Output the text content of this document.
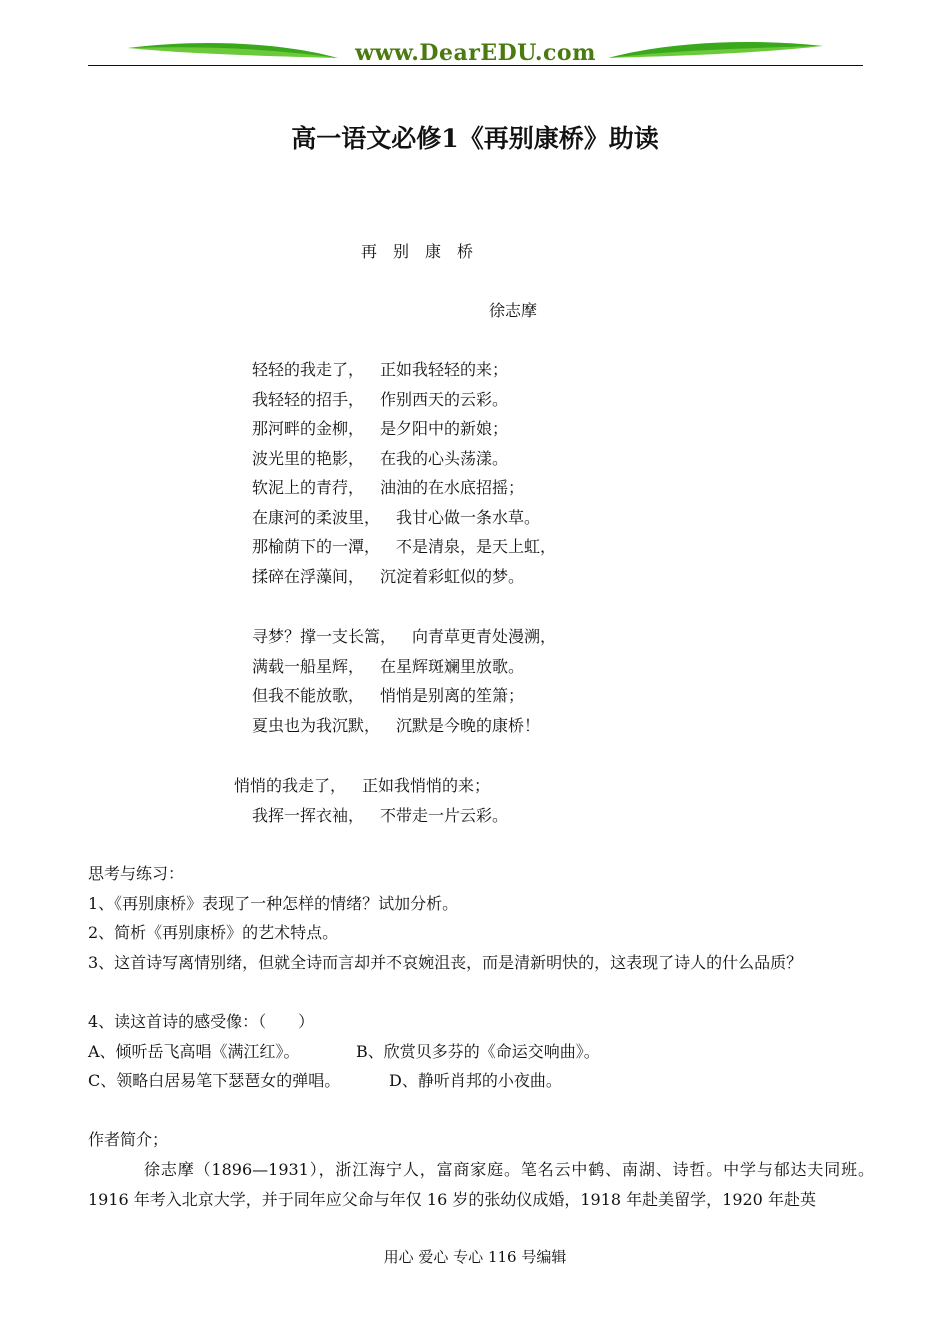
www.DearEDU.com
高一语文必修1《再别康桥》助读
再　别　康　桥
徐志摩
轻轻的我走了， 正如我轻轻的来；
我轻轻的招手， 作别西天的云彩。
那河畔的金柳， 是夕阳中的新娘；
波光里的艳影， 在我的心头荡漾。
软泥上的青荇， 油油的在水底招摇；
在康河的柔波里， 我甘心做一条水草。
那榆荫下的一潭， 不是清泉，是天上虹，
揉碎在浮藻间， 沉淀着彩虹似的梦。
寻梦？撑一支长篙， 向青草更青处漫溯，
满载一船星辉， 在星辉斑斓里放歌。
但我不能放歌， 悄悄是别离的笙箫；
夏虫也为我沉默， 沉默是今晚的康桥！
悄悄的我走了， 正如我悄悄的来；
我挥一挥衣袖， 不带走一片云彩。
思考与练习：
1、《再别康桥》表现了一种怎样的情绪？试加分析。
2、简析《再别康桥》的艺术特点。
3、这首诗写离情别绪，但就全诗而言却并不哀婉沮丧，而是清新明快的，这表现了诗人的什么品质？
4、读这首诗的感受像：（　　）
A、倾听岳飞高唱《满江红》。	B、欣赏贝多芬的《命运交响曲》。
C、领略白居易笔下瑟琶女的弹唱。	D、静听肖邦的小夜曲。
作者简介；
徐志摩（1896—1931），浙江海宁人，富商家庭。笔名云中鹤、南湖、诗哲。中学与郁达夫同班。1916 年考入北京大学，并于同年应父命与年仅 16 岁的张幼仪成婚，1918 年赴美留学，1920 年赴英
用心 爱心 专心 116 号编辑
